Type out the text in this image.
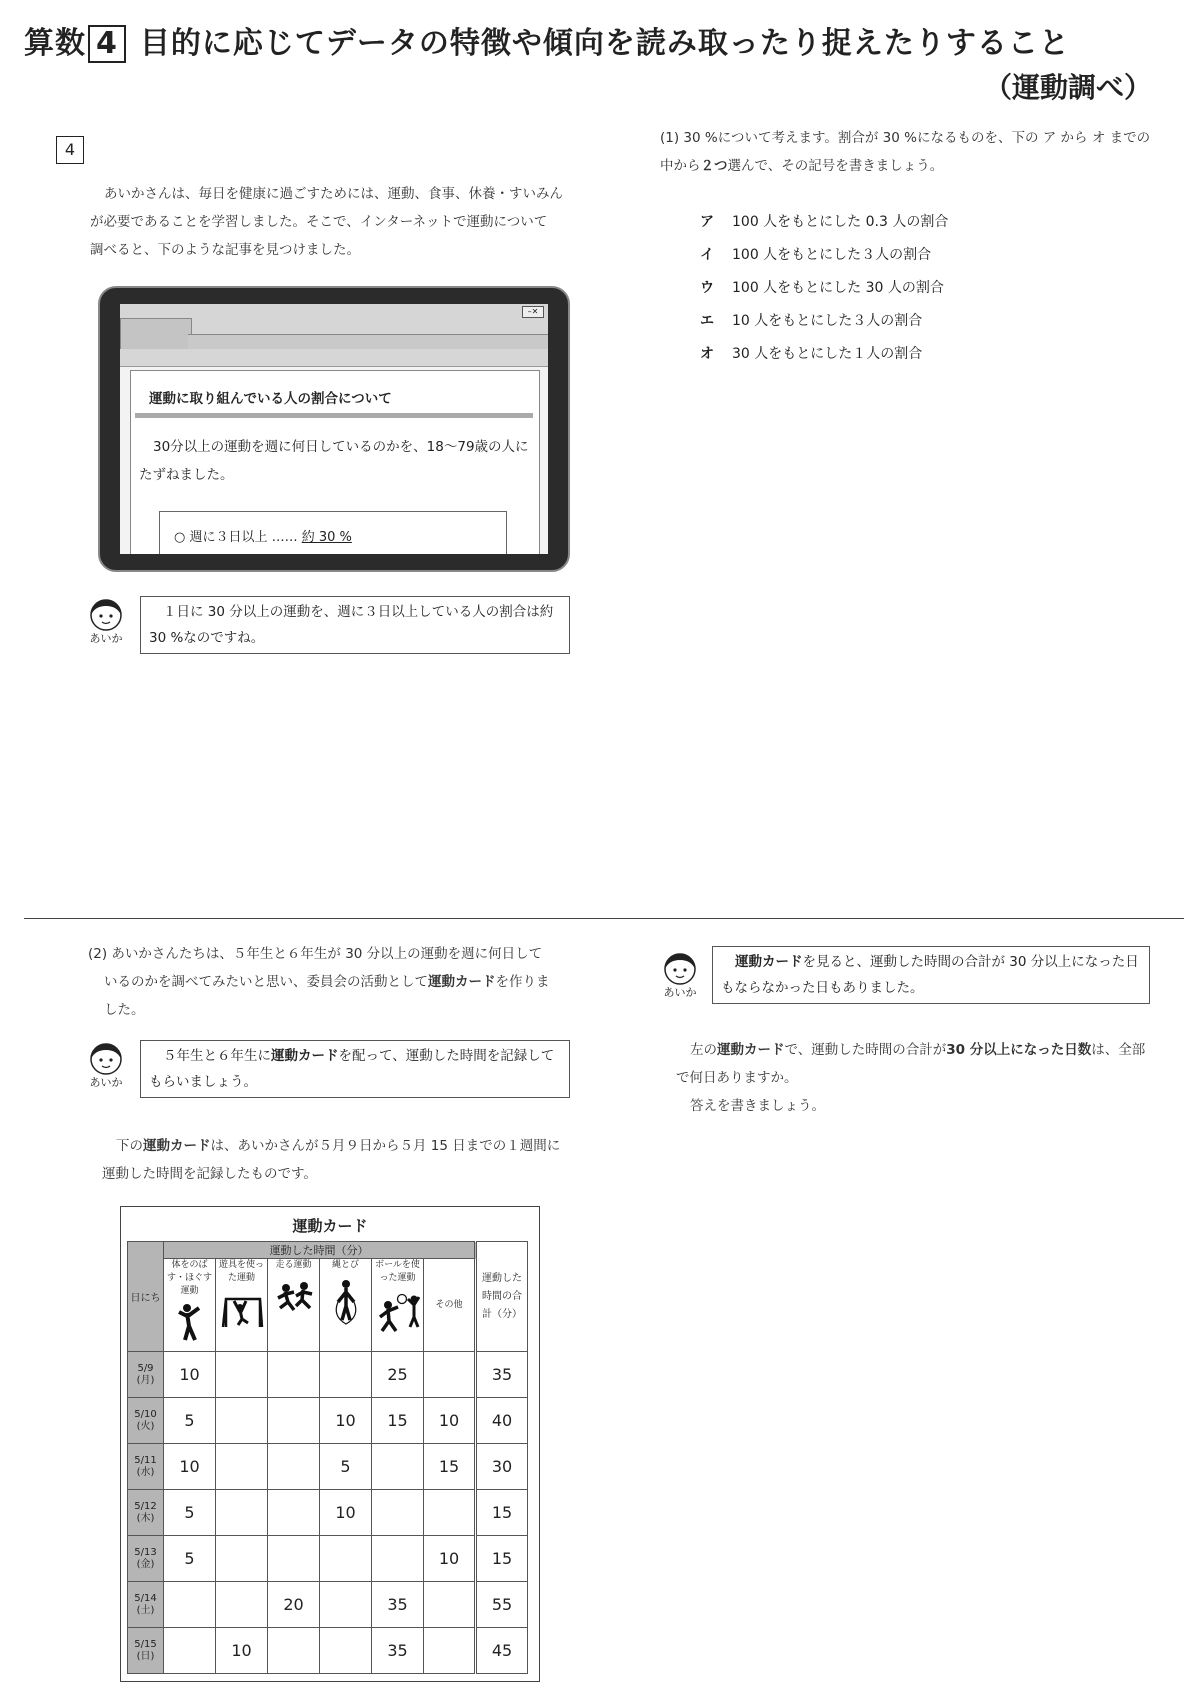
算数 4 目的に応じてデータの特徴や傾向を読み取ったり捉えたりすること
（運動調べ）
4
あいかさんは、毎日を健康に過ごすためには、運動、食事、休養・すいみん
が必要であることを学習しました。そこで、インターネットで運動について
調べると、下のような記事を見つけました。
–✕
運動に取り組んでいる人の割合について
30分以上の運動を週に何日しているのかを、18～79歳の人にたずねました。
○ 週に３日以上 …… 約 30 %
あいか
１日に 30 分以上の運動を、週に３日以上している人の割合は約 30 %なのですね。
(1) 30 %について考えます。割合が 30 %になるものを、下の ア から オ までの中から２つ選んで、その記号を書きましょう。
ア 100 人をもとにした 0.3 人の割合
イ 100 人をもとにした３人の割合
ウ 100 人をもとにした 30 人の割合
エ 10 人をもとにした３人の割合
オ 30 人をもとにした１人の割合
(2) あいかさんたちは、５年生と６年生が 30 分以上の運動を週に何日して
いるのかを調べてみたいと思い、委員会の活動として運動カードを作りま
した。
あいか
５年生と６年生に運動カードを配って、運動した時間を記録してもらいましょう。
下の運動カードは、あいかさんが５月９日から５月 15 日までの１週間に
運動した時間を記録したものです。
運動カード
日にち	運動した時間（分）						運動した時間の合計（分）

	体をのばす・ほぐす運動	遊具を使った運動	走る運動	縄とび	ボールを使った運動	その他	

5/9
(月)	10				25		35

5/10
(火)	5			10	15	10	40

5/11
(水)	10			5		15	30

5/12
(木)	5			10			15

5/13
(金)	5					10	15

5/14
(土)			20		35		55

5/15
(日)		10			35		45
あいか
運動カードを見ると、運動した時間の合計が 30 分以上になった日もならなかった日もありました。
左の運動カードで、運動した時間の合計が30 分以上になった日数は、全部で何日ありますか。
答えを書きましょう。
